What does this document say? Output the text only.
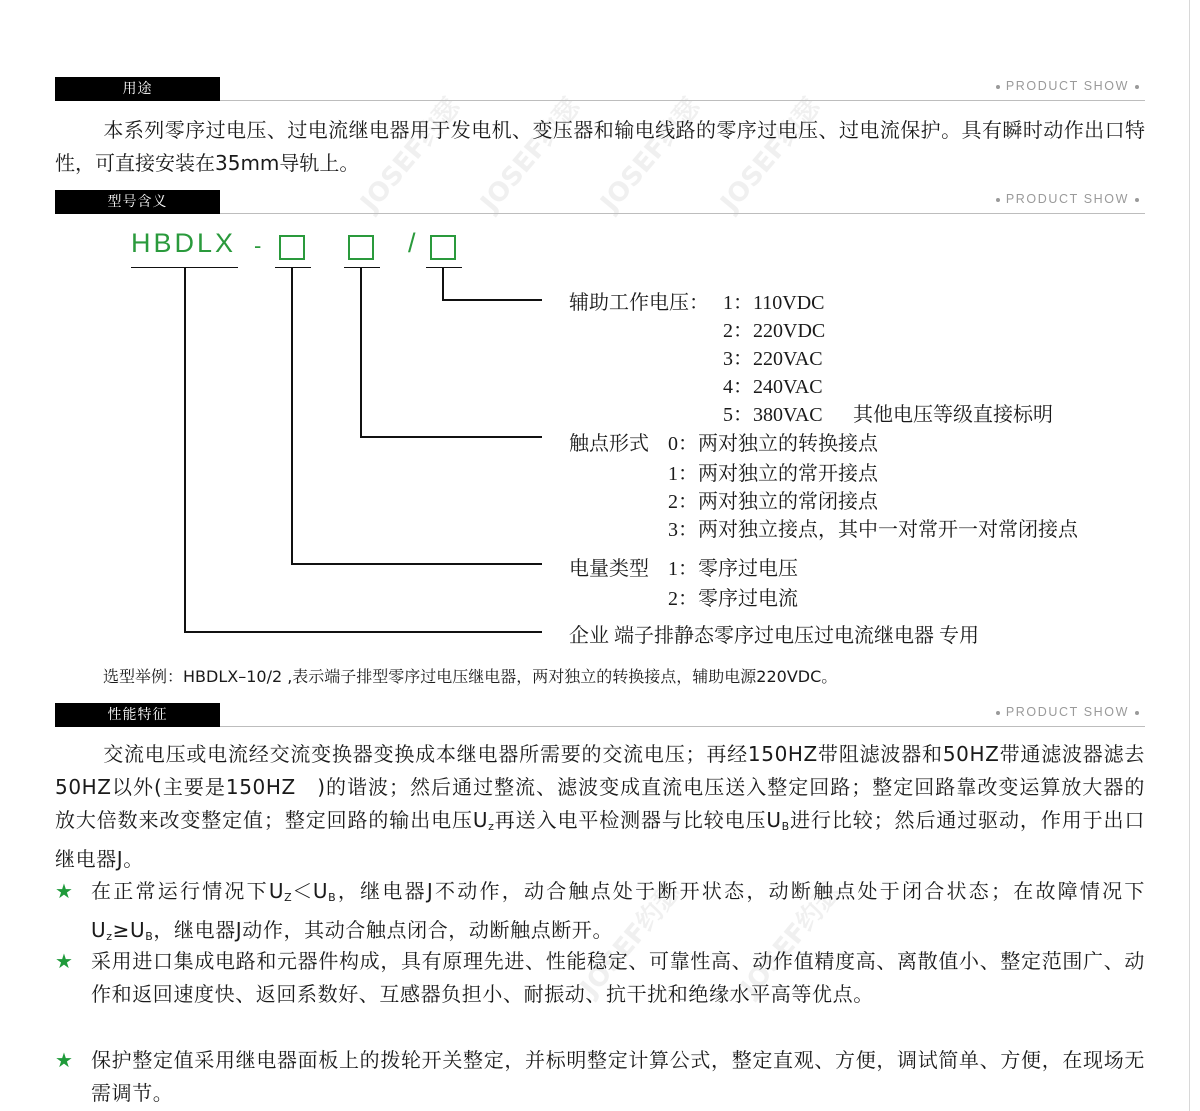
JOSEF约瑟 JOSEF约瑟 JOSEF约瑟 JOSEF约瑟
JOSEF约瑟 JOSEF约瑟
用途	PRODUCT SHOW

本系列零序过电压、过电流继电器用于发电机、变压器和输电线路的零序过电压、过电流保护。具有瞬时动作出口特性，可直接安装在35mm导轨上。

型号含义	PRODUCT SHOW
HBDLX -	/
辅助工作电压： 1：110VDC
2：220VDC
3：220VAC
4：240VAC
5：380VAC 其他电压等级直接标明
触点形式 0：两对独立的转换接点
1：两对独立的常开接点
2：两对独立的常闭接点
3：两对独立接点，其中一对常开一对常闭接点
电量类型 1：零序过电压
2：零序过电流
企业 端子排静态零序过电压过电流继电器 专用
选型举例：HBDLX–10/2 ,表示端子排型零序过电压继电器，两对独立的转换接点，辅助电源220VDC。
性能特征	PRODUCT SHOW

交流电压或电流经交流变换器变换成本继电器所需要的交流电压；再经150HZ带阻滤波器和50HZ带通滤波器滤去50HZ以外(主要是150HZ　)的谐波；然后通过整流、滤波变成直流电压送入整定回路；整定回路靠改变运算放大器的放大倍数来改变整定值；整定回路的输出电压$U_z$再送入电平检测器与比较电压$U_B$进行比较；然后通过驱动，作用于出口继电器J。

★ 在正常运行情况下$U_Z<U_B$，继电器J不动作，动合触点处于断开状态，动断触点处于闭合状态；在故障情况下$U_z\ge U_B$，继电器J动作，其动合触点闭合，动断触点断开。
★ 采用进口集成电路和元器件构成，具有原理先进、性能稳定、可靠性高、动作值精度高、离散值小、整定范围广、动作和返回速度快、返回系数好、互感器负担小、耐振动、抗干扰和绝缘水平高等优点。
★ 保护整定值采用继电器面板上的拨轮开关整定，并标明整定计算公式，整定直观、方便，调试简单、方便，在现场无需调节。
